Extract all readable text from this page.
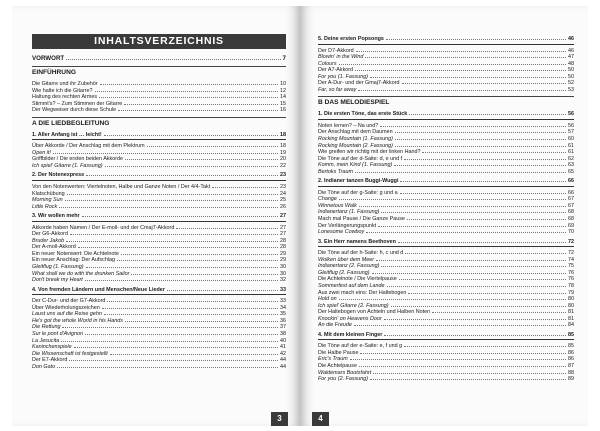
INHALTSVERZEICHNIS
VORWORT	7
EINFÜHRUNG
Die Gitarre und ihr Zubehör	10
Wie halte ich die Gitarre?	12
Haltung des rechten Armes	14
Stimmt's? – Zum Stimmen der Gitarre	15
Der Wegweiser durch diese Schule	16
A DIE LIEDBEGLEITUNG
1. Aller Anfang ist … leicht!	18
Über Akkorde / Der Anschlag mit dem Plektrum	18
Open it!	19
Griffbilder / Die ersten beiden Akkorde	20
Ich spiel' Gitarre (1. Fassung)	22
2. Der Notenexpress	23
Von den Notenwerten: Viertelnoten, Halbe und Ganze Noten / Der 4/4-Takt	23
Klatschübung	24
Morning Sun	25
Little Rock	26
3. Wir wollen mehr	27
Akkorde haben Namen / Der E-moll- und der Cmaj7-Akkord	27
Der G6-Akkord	27
Bruder Jakob	28
Der A-moll-Akkord	28
Ein neuer Notenwert: Die Achtelnote	29
Ein neuer Anschlag: Der Aufschlag	29
Gleitflug (1. Fassung)	30
What shall we do with the drunken Sailor	30
Don't break my Heart	32
4. Von fremden Ländern und Menschen/Neue Lieder	33
Der C-Dur- und der G7-Akkord	33
Über Wiederholungszeichen	34
Laust uns auf die Reise gehn	35
He's got the whole World in his Hands	36
Die Rettung	37
Sur le pont d'Avignon	38
La Jesucita	40
Kaninchenspiele	41
Die Wissenschaft ist festgestellt	42
Der E7-Akkord	44
Don Gato	44
3
5. Deine ersten Popsongs	46
Der D7-Akkord	46
Blowin' in the Wind	47
Colours	48
Der A7-Akkord	50
For you (1. Fassung)	50
Der A-Dur- und der Gmaj7-Akkord	52
Far, so far away	53
B DAS MELODIESPIEL
1. Die ersten Töne, das erste Stück	56
Noten lernen? – Na und?	56
Der Anschlag mit dem Daumen	57
Rocking Mountain (1. Fassung)	60
Rocking Mountain (2. Fassung)	61
Wie greifen wir richtig mit der linken Hand?	61
Die Töne auf der d-Saite: d, e und f	62
Komm, mein Kind (1. Fassung)	63
Bertoks Traum	65
2. Indianer tanzen Buggi-Wuggi	66
Die Töne auf der g-Saite: g und a	66
Change	67
Winnetous Walk	67
Indianertanz (1. Fassung)	68
Mach mal Pause / Die Ganze Pause	68
Der Verlängerungspunkt	69
Lonesome Cowboy	70
3. Ein Herr namens Beethoven	72
Die Töne auf der h-Saite: h, c und d	72
Wolken über dem Meer	74
Indianertanz (2. Fassung)	75
Gleitflug (2. Fassung)	76
Die Achtelnote / Die Viertelpause	76
Sommerfest auf dem Lande	78
Aus zwei mach eins: Der Haltebogen	79
Hold on	80
Ich spiel' Gitarre (2. Fassung)	80
Der Haltebogen von Achteln und Halben Noten	81
Knockin' on Heavens Door	81
An die Freude	84
4. Mit dem kleinen Finger	85
Die Töne auf der e-Saite: e, f und g	85
Die Halbe Pause	86
Eric's Traum	86
Die Achtelpause	87
Waldemars Bootsfahrt	88
For you (2. Fassung)	89
4
